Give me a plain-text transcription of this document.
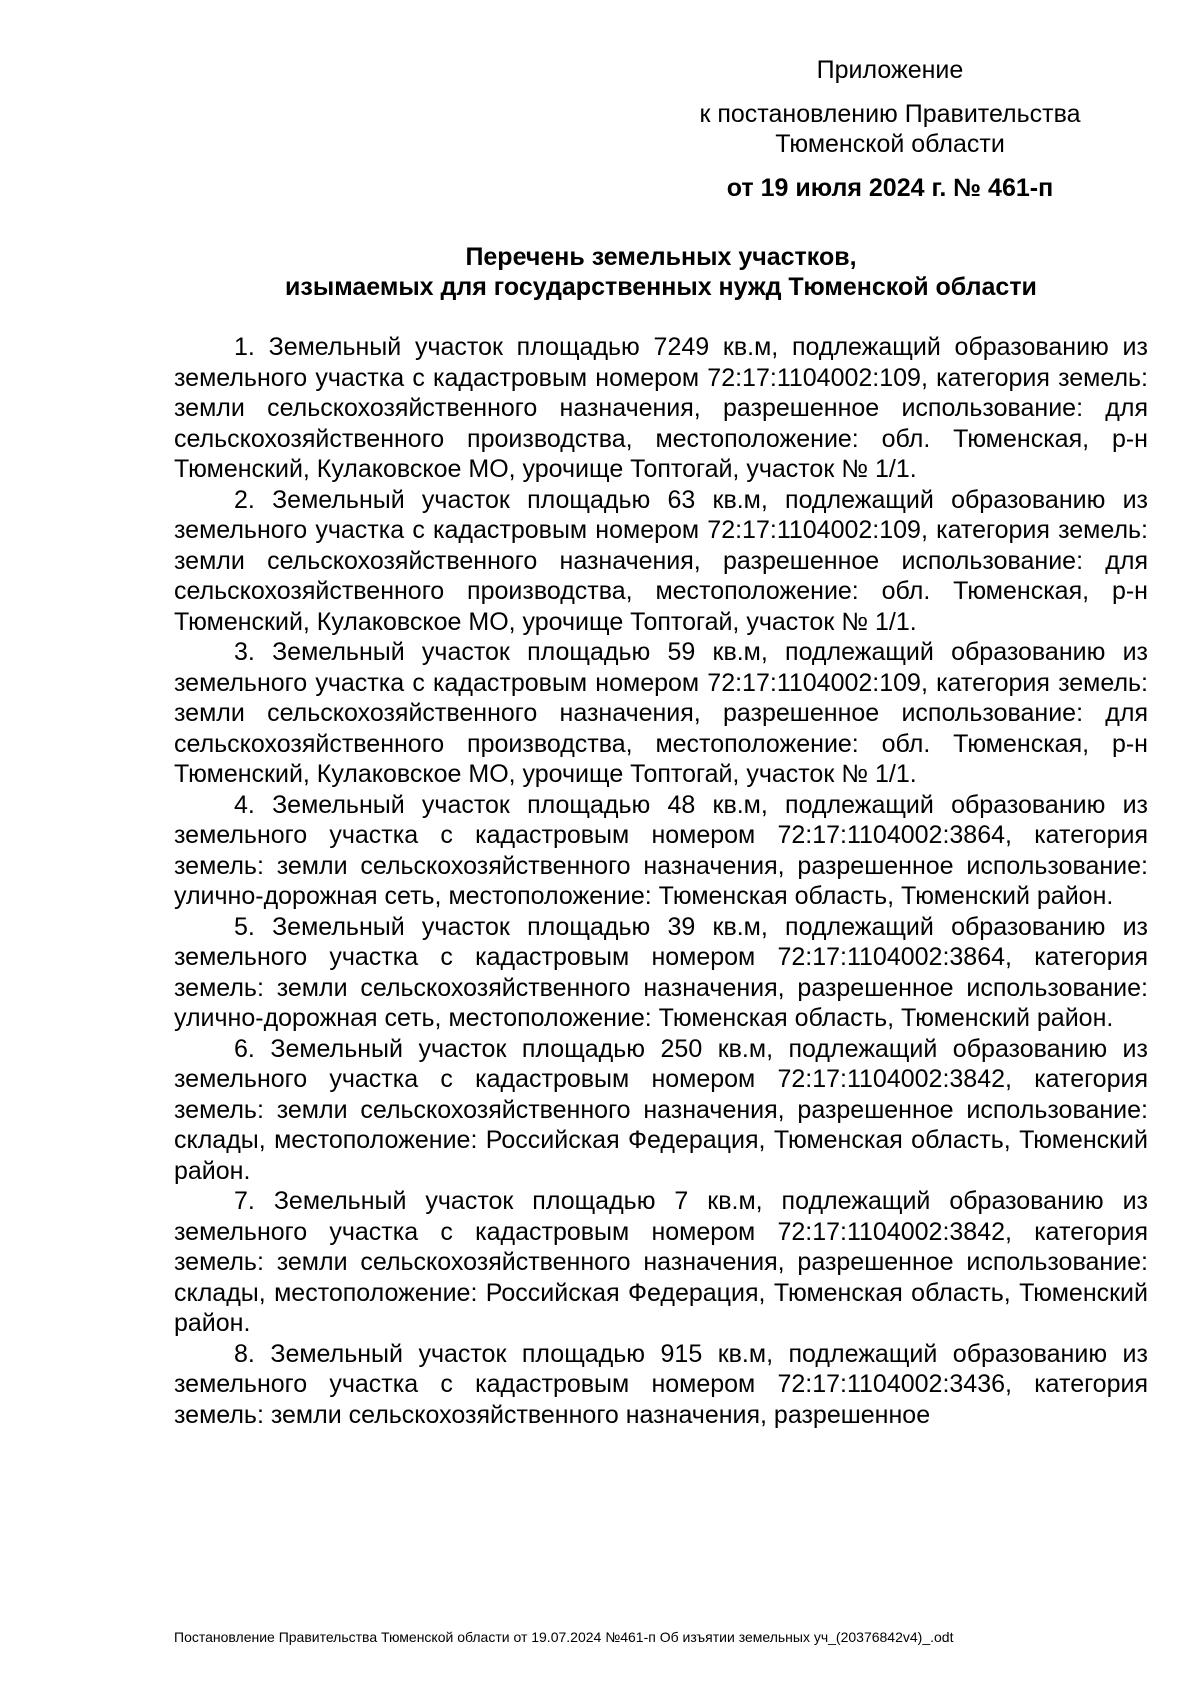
Приложение
к постановлению Правительства
Тюменской области
от 19 июля 2024 г. № 461-п
Перечень земельных участков,
изымаемых для государственных нужд Тюменской области

1. Земельный участок площадью 7249 кв.м, подлежащий образованию из земельного участка с кадастровым номером 72:17:1104002:109, категория земель: земли сельскохозяйственного назначения, разрешенное использование: для сельскохозяйственного производства, местоположение: обл. Тюменская, р-н Тюменский, Кулаковское МО, урочище Топтогай, участок № 1/1.

2. Земельный участок площадью 63 кв.м, подлежащий образованию из земельного участка с кадастровым номером 72:17:1104002:109, категория земель: земли сельскохозяйственного назначения, разрешенное использование: для сельскохозяйственного производства, местоположение: обл. Тюменская, р-н Тюменский, Кулаковское МО, урочище Топтогай, участок № 1/1.

3. Земельный участок площадью 59 кв.м, подлежащий образованию из земельного участка с кадастровым номером 72:17:1104002:109, категория земель: земли сельскохозяйственного назначения, разрешенное использование: для сельскохозяйственного производства, местоположение: обл. Тюменская, р-н Тюменский, Кулаковское МО, урочище Топтогай, участок № 1/1.

4. Земельный участок площадью 48 кв.м, подлежащий образованию из земельного участка с кадастровым номером 72:17:1104002:3864, категория земель: земли сельскохозяйственного назначения, разрешенное использование: улично-дорожная сеть, местоположение: Тюменская область, Тюменский район.

5. Земельный участок площадью 39 кв.м, подлежащий образованию из земельного участка с кадастровым номером 72:17:1104002:3864, категория земель: земли сельскохозяйственного назначения, разрешенное использование: улично-дорожная сеть, местоположение: Тюменская область, Тюменский район.

6. Земельный участок площадью 250 кв.м, подлежащий образованию из земельного участка с кадастровым номером 72:17:1104002:3842, категория земель: земли сельскохозяйственного назначения, разрешенное использование: склады, местоположение: Российская Федерация, Тюменская область, Тюменский район.

7. Земельный участок площадью 7 кв.м, подлежащий образованию из земельного участка с кадастровым номером 72:17:1104002:3842, категория земель: земли сельскохозяйственного назначения, разрешенное использование: склады, местоположение: Российская Федерация, Тюменская область, Тюменский район.

8. Земельный участок площадью 915 кв.м, подлежащий образованию из земельного участка с кадастровым номером 72:17:1104002:3436, категория земель: земли сельскохозяйственного назначения, разрешенное

Постановление Правительства Тюменской области от 19.07.2024 №461-п Об изъятии земельных уч_(20376842v4)_.odt
